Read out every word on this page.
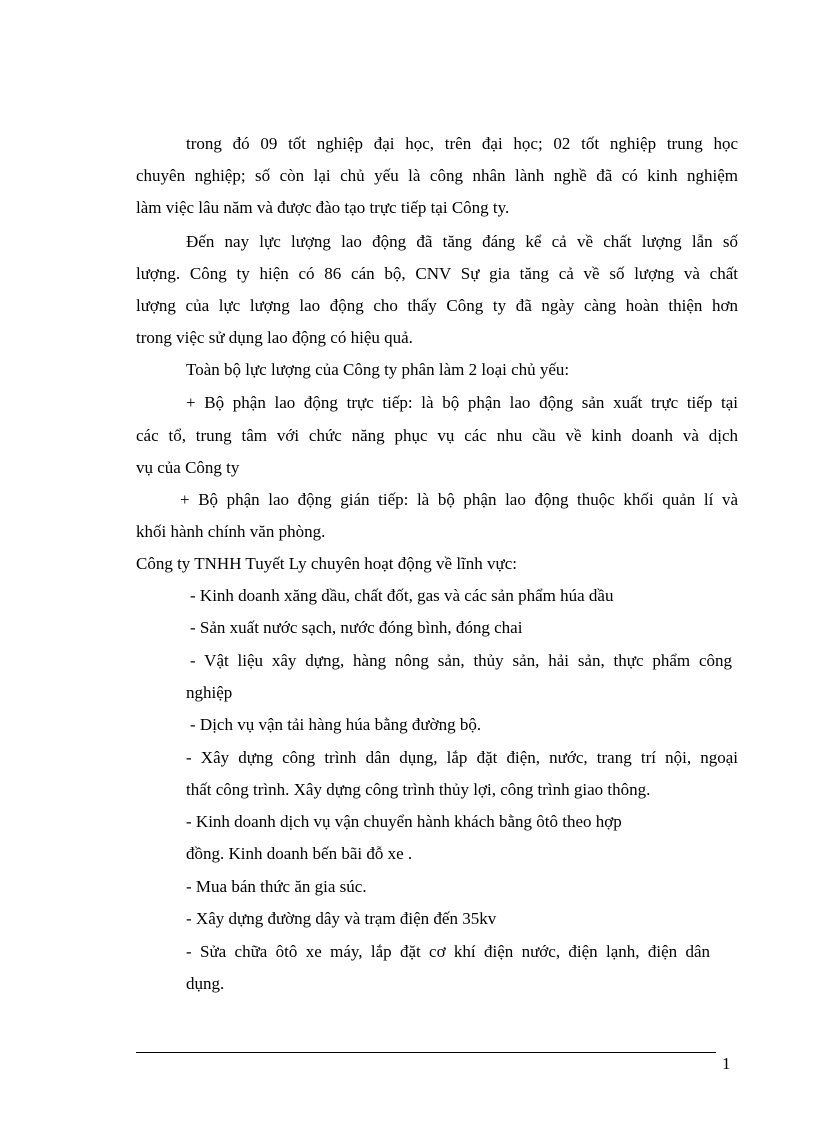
trong đó 09 tốt nghiệp đại học, trên đại học; 02 tốt nghiệp trung học
chuyên nghiệp; số còn lại chủ yếu là công nhân lành nghề đã có kinh nghiệm
làm việc lâu năm và được đào tạo trực tiếp tại Công ty.
Đến nay lực lượng lao động đã tăng đáng kể cả về chất lượng lẫn số
lượng. Công ty hiện có 86 cán bộ, CNV Sự gia tăng cả về số lượng và chất
lượng của lực lượng lao động cho thấy Công ty đã ngày càng hoàn thiện hơn
trong việc sử dụng lao động có hiệu quả.
Toàn bộ lực lượng của Công ty phân làm 2 loại chủ yếu:
+ Bộ phận lao động trực tiếp: là bộ phận lao động sản xuất trực tiếp tại
các tổ, trung tâm với chức năng phục vụ các nhu cầu về kinh doanh và dịch
vụ của Công ty
+ Bộ phận lao động gián tiếp: là bộ phận lao động thuộc khối quản lí và
khối hành chính văn phòng.
Công ty TNHH Tuyết Ly chuyên hoạt động về lĩnh vực:
- Kinh doanh xăng dầu, chất đốt, gas và các sản phẩm húa dầu
- Sản xuất nước sạch, nước đóng bình, đóng chai
- Vật liệu xây dựng, hàng nông sản, thủy sản, hải sản, thực phẩm công
nghiệp
- Dịch vụ vận tải hàng húa bằng đường bộ.
- Xây dựng công trình dân dụng, lắp đặt điện, nước, trang trí nội, ngoại
thất công trình. Xây dựng công trình thủy lợi, công trình giao thông.
- Kinh doanh dịch vụ vận chuyển hành khách bằng ôtô theo hợp
đồng. Kinh doanh bến bãi đỗ xe .
- Mua bán thức ăn gia súc.
- Xây dựng đường dây và trạm điện đến 35kv
- Sửa chữa ôtô xe máy, lắp đặt cơ khí điện nước, điện lạnh, điện dân
dụng.
1
